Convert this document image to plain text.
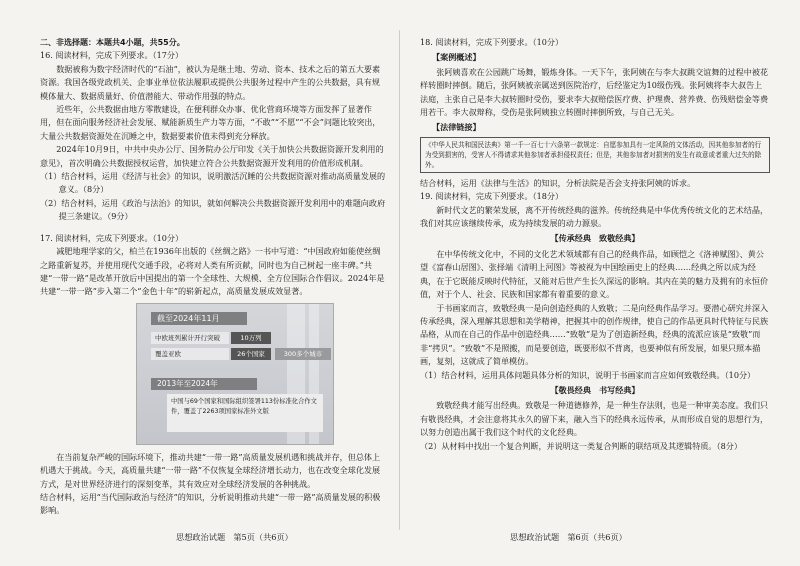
二、非选择题：本题共4小题，共55分。

16. 阅读材料，完成下列要求。（17分）

数据被称为数字经济时代的“石油”，被认为是继土地、劳动、资本、技术之后的第五大要素资源。我国各级党政机关、企事业单位依法履职或提供公共服务过程中产生的公共数据，具有规模体量大、数据质量好、价值潜能大、带动作用强的特点。

近些年，公共数据由地方零散建设，在便利群众办事、优化营商环境等方面发挥了显著作用，但在面向服务经济社会发展、赋能新质生产力等方面，“不敢”“不愿”“不会”问题比较突出，大量公共数据资源处在沉睡之中，数据要素价值未得到充分释放。

2024年10月9日，中共中央办公厅、国务院办公厅印发《关于加快公共数据资源开发利用的意见》，首次明确公共数据授权运营，加快建立符合公共数据资源开发利用的价值形成机制。

（1）结合材料，运用《经济与社会》的知识，说明激活沉睡的公共数据资源对推动高质量发展的意义。（8分）

（2）结合材料，运用《政治与法治》的知识，就如何解决公共数据资源开发利用中的难题向政府提三条建议。（9分）

17. 阅读材料，完成下列要求。（10分）

减肥地理学家的父，柏兰在1936年出版的《丝绸之路》一书中写道：“中国政府如能使丝绸之路重新复苏，并使用现代交通手段，必将对人类有所贡献，同时也为自己树起一座丰碑。”共建“一带一路”是改革开放后中国提出的第一个全球性、大规模、全方位国际合作倡议。2024年是共建“一带一路”步入第二个“金色十年”的崭新起点，高质量发展成效显著。

截至2024年11月
中欧班列累计开行突破	10万列
覆盖亚欧	26个国家	300多个城市
2013年至2024年
中国与69个国家和国际组织签署113份标准化合作文件，覆盖了2263项国家标准外文版

在当前复杂严峻的国际环境下，推动共建“一带一路”高质量发展机遇和挑战并存，但总体上机遇大于挑战。今天，高质量共建“一带一路”不仅恢复全球经济增长动力，也在改变全球化发展方式，是对世界经济进行的深刻变革，其有效应对全球经济发展的各种挑战。

结合材料，运用“当代国际政治与经济”的知识，分析说明推动共建“一带一路”高质量发展的积极影响。

18. 阅读材料，完成下列要求。（10分）

【案例概述】

张阿姨喜欢在公园跳广场舞，锻炼身体。一天下午，张阿姨在与李大叔跳交谊舞的过程中被花样转圈时摔倒。随后，张阿姨被亲属送到医院治疗，后经鉴定为10级伤残。张阿姨将李大叔告上法庭，主张自己是李大叔转圈时受伤，要求李大叔赔偿医疗费、护理费、营养费、伤残赔偿金等费用若干。李大叔辩称，受伤是张阿姨独立转圈时摔倒所致，与自己无关。

【法律链接】

《中华人民共和国民法典》第一千一百七十六条第一款规定：自愿参加具有一定风险的文体活动，因其他参加者的行为受到损害的，受害人不得请求其他参加者承担侵权责任；但是，其他参加者对损害的发生有故意或者重大过失的除外。

结合材料，运用《法律与生活》的知识，分析法院是否会支持张阿姨的诉求。

19. 阅读材料，完成下列要求。（18分）

新时代文艺的繁荣发展，离不开传统经典的滋养。传统经典是中华优秀传统文化的艺术结晶，我们对其应该继续传承，成为持续发展的动力源泉。

【传承经典　致敬经典】

在中华传统文化中，不同的文化艺术领域都有自己的经典作品，如顾恺之《洛神赋图》、黄公望《富春山居图》、张择端《清明上河图》等被视为中国绘画史上的经典……经典之所以成为经典，在于它既能反映时代特征，又能对后世产生长久深远的影响。其内在美的魅力及拥有的永恒价值，对于个人、社会、民族和国家都有着重要的意义。

于书画家而言，致敬经典一是向创造经典的人致敬；二是向经典作品学习。要潜心研究并深入传承经典，深入理解其思想和美学精神，把握其中的创作规律，使自己的作品更具时代特征与民族品格，从而在自己的作品中创造经典……“致敬”是为了创造新经典，经典的流派应该是“致敬”而非“拷贝”。“致敬”不是照搬，而是要创造，既要形似不背离，也要神似有所发展，如果只照本描画，复刻，这就成了简单模仿。

（1）结合材料，运用具体问题具体分析的知识，说明于书画家而言应如何致敬经典。（10分）

【敬畏经典　书写经典】

致敬经典才能写出经典。致敬是一种道德修养，是一种生存法则，也是一种审美态度。我们只有敬畏经典，才会注意将其永久的留下来，融入当下的经典永远传承，从而形成自觉的思想行为，以努力创造出属于我们这个时代的文化经典。

（2）从材料中找出一个复合判断，并说明这一类复合判断的联结项及其逻辑特质。（8分）

思想政治试题　第5页（共6页）	思想政治试题　第6页（共6页）
